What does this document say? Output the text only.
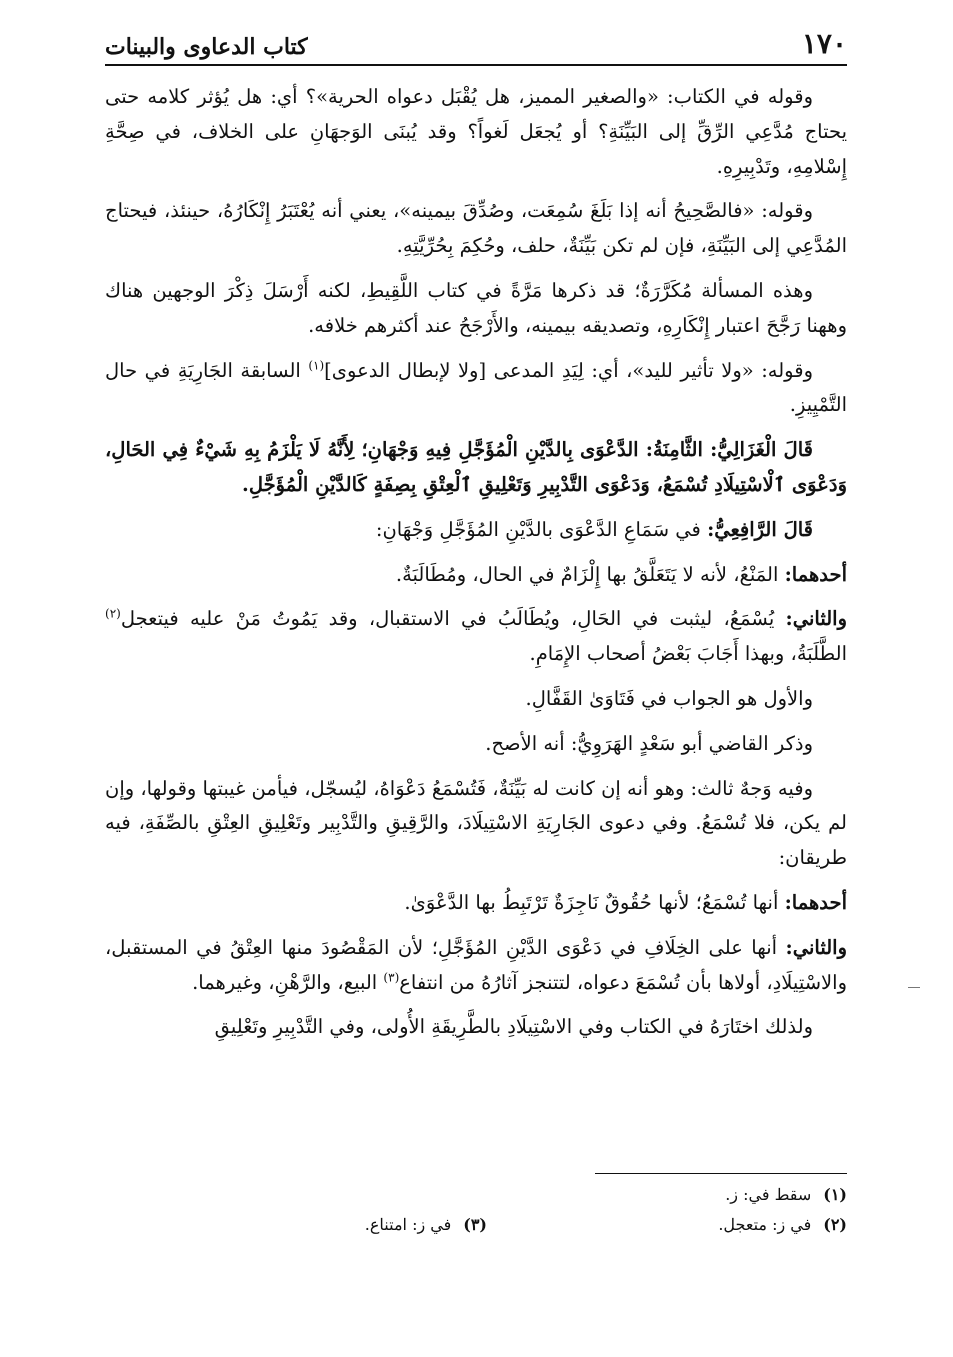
١٧٠
كتاب الدعاوى والبينات

وقوله في الكتاب: «والصغير المميز، هل يُقْبَل دعواه الحرية»؟ أي: هل يُؤثر كلامه حتى يحتاج مُدَّعِي الرِّقِّ إلى البَيِّنَةِ؟ أو يُجعَل لَغواً؟ وقد يُبنَى الوَجهَانِ على الخلاف، في صِحَّةِ إِسْلامِهِ، وتَدْبِيرِهِ.

وقوله: «فالصَّحِيحُ أنه إذا بَلَغَ سُمِعَت، وصُدِّقَ بيمينه»، يعني أنه يُعْتَبَرُ إِنْكَارُهُ، حينئذ، فيحتاج المُدَّعِي إلى البَيِّنَةِ، فإن لم تكن بَيِّنَةٌ، حلف، وحُكِمَ بِحُرِّيَّتِهِ.

وهذه المسألة مُكَرَّرَةٌ؛ قد ذكرها مَرَّةً في كتاب اللَّقِيطِ، لكنه أَرْسَلَ ذِكْرَ الوجهين هناك وههنا رَجَّحَ اعتبار إِنْكَارِهِ، وتصديقه بيمينه، والأَرْجَحُ عند أكثرهم خلافه.

وقوله: «ولا تأثير لليد»، أي: لِيَدِ المدعى [ولا لإبطال الدعوى]$^{(١)}$ السابقة الجَارِيَةِ في حال التَّمْيِيزِ.

قَالَ الْغَزَالِيُّ: الثَّامِنَةُ: الدَّعْوَى بِالدَّيْنِ الْمُؤَجَّلِ فِيهِ وَجْهَانِ؛ لِأَنَّهُ لَا يَلْزَمُ بِهِ شَيْءٌ فِي الحَالِ، وَدَعْوَى ٱلْاسْتِيلَادِ تُسْمَعُ، وَدَعْوَى التَّدْبِيرِ وَتَعْلِيقِ ٱلْعِتْقِ بِصِفَةٍ كَالدَّيْنِ الْمُؤَجَّلِ.

قَالَ الرَّافِعِيُّ: في سَمَاعِ الدَّعْوَى بالدَّيْنِ المُؤَجَّلِ وَجْهَانِ:

أحدهما: المَنْعُ، لأنه لا يَتَعَلَّقُ بها إِلْزَامٌ في الحال، ومُطَالَبَةٌ.

والثاني: يُسْمَعُ، ليثبت في الحَالِ، ويُطَالَبُ في الاستقبال، وقد يَمُوتُ مَنْ عليه فيتعجل$^{(٢)}$ الطَّلَبَةُ، وبهذا أَجَابَ بَعْضُ أصحاب الإِمَامِ.

والأول هو الجواب في فَتَاوَىٰ القَفَّالِ.

وذكر القاضي أبو سَعْدٍ الهَرَوِيُّ: أنه الأصح.

وفيه وَجهٌ ثالث: وهو أنه إن كانت له بَيِّنَةٌ، فَتُسْمَعُ دَعْوَاهُ، ليُسجّل، فيأمن غيبتها وقولها، وإن لم يكن، فلا تُسْمَعُ. وفي دعوى الجَارِيَةِ الاسْتِيلَادَ، والرَّقِيقِ والتَّدْبِير وتَعْلِيقِ العِتْقِ بالصِّفَةِ، فيه طريقان:

أحدهما: أنها تُسْمَعُ؛ لأنها حُقُوقٌ نَاجِزَةٌ تَرْتَبِطُ بها الدَّعْوَىٰ.

والثاني: أنها على الخِلَافِ في دَعْوَى الدَّيْنِ المُؤَجَّلِ؛ لأن المَقْصُودَ منها العِتْقُ في المستقبل، والاسْتِيلَادِ، أولاها بأن تُسْمَعَ دعواه، لتتنجز آثارُهُ من انتفاع$^{(٣)}$ البيع، والرَّهْنِ، وغيرهما.

ولذلك اختَارَهُ في الكتاب وفي الاسْتِيلَادِ بالطَّرِيقَةِ الأُولى، وفي التَّدْبِيرِ وتَعْلِيقِ

(١)سقط في: ز.
(٢)في ز: متعجل.
(٣)في ز: امتناع.
